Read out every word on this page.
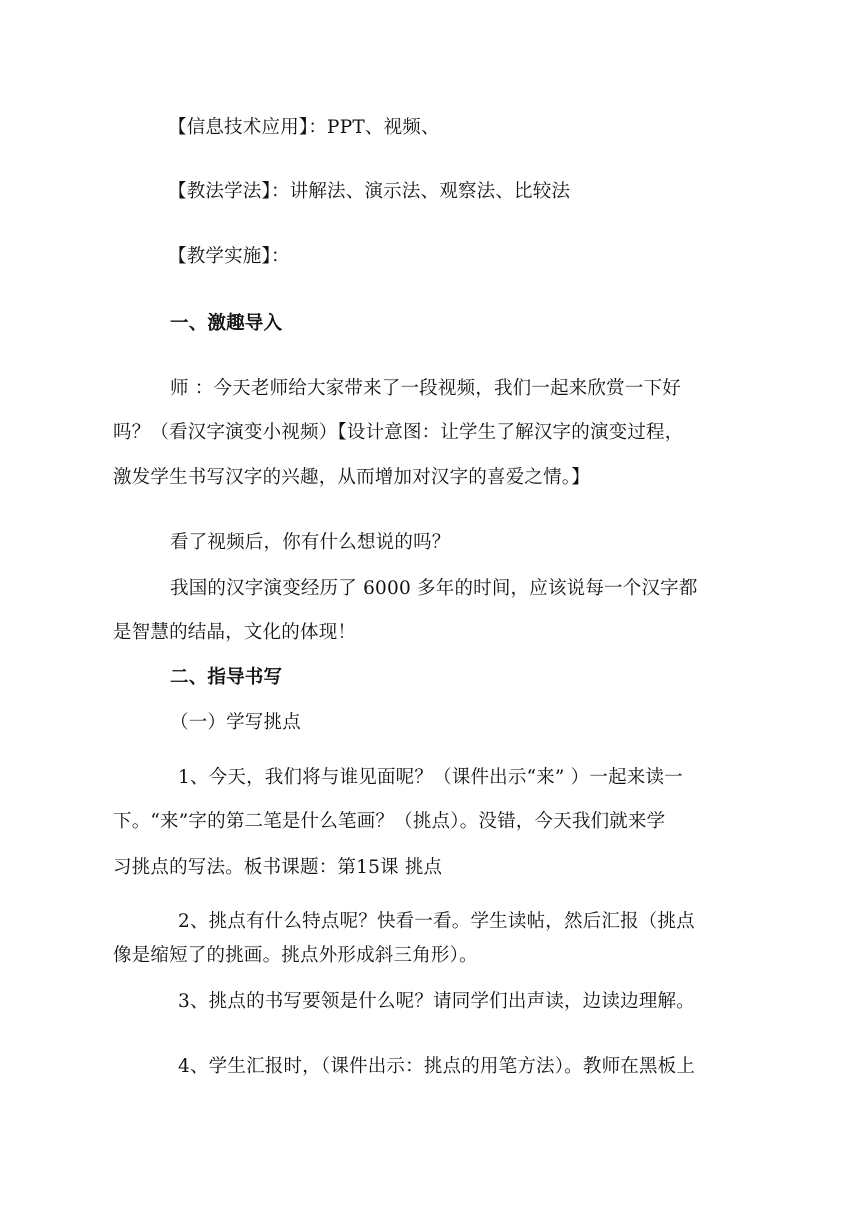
【信息技术应用】：PPT、视频、
【教法学法】：讲解法、演示法、观察法、比较法
【教学实施】：
一、激趣导入
师 ：今天老师给大家带来了一段视频，我们一起来欣赏一下好
吗？（看汉字演变小视频）【设计意图：让学生了解汉字的演变过程，
激发学生书写汉字的兴趣，从而增加对汉字的喜爱之情。】
看了视频后，你有什么想说的吗？
我国的汉字演变经历了 6000 多年的时间，应该说每一个汉字都
是智慧的结晶，文化的体现！
二、指导书写
（一）学写挑点
1、今天，我们将与谁见面呢？（课件出示“来” ）一起来读一
下。“来”字的第二笔是什么笔画？（挑点）。没错，今天我们就来学
习挑点的写法。板书课题：第15课 挑点
2、挑点有什么特点呢？快看一看。学生读帖，然后汇报（挑点
像是缩短了的挑画。挑点外形成斜三角形）。
3、挑点的书写要领是什么呢？请同学们出声读，边读边理解。
4、学生汇报时，（课件出示：挑点的用笔方法）。教师在黑板上
